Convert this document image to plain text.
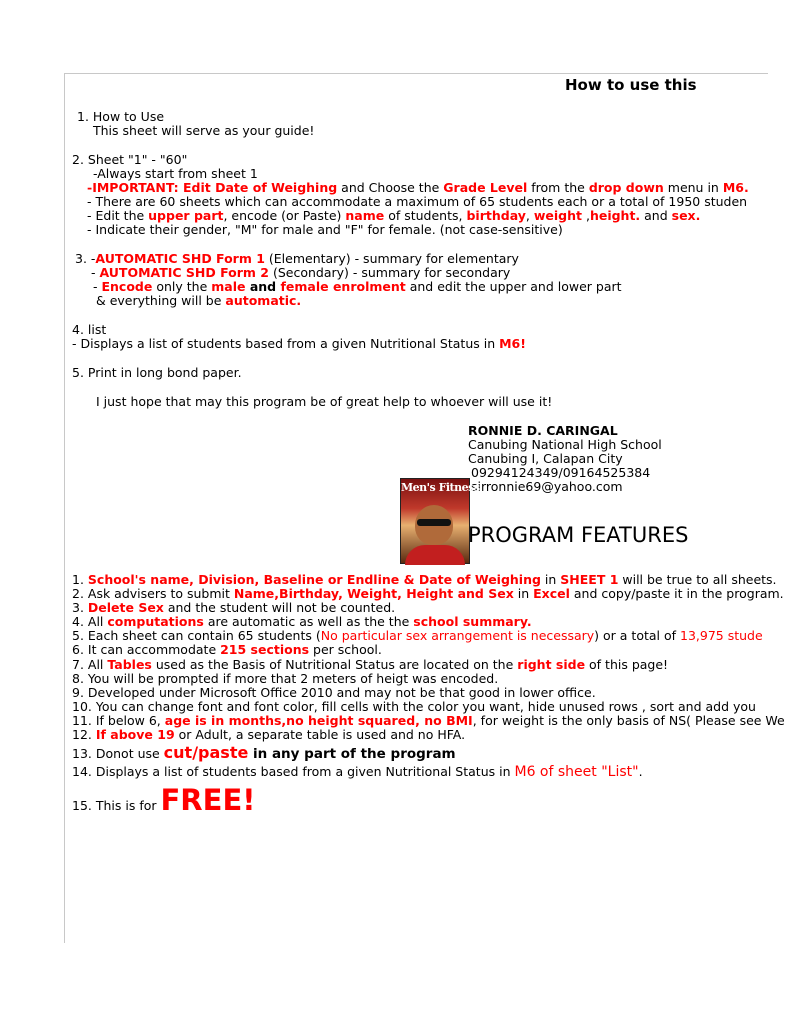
How to use this
1. How to Use
This sheet will serve as your guide!
2. Sheet "1" - "60"
-Always start from sheet 1
-IMPORTANT: Edit Date of Weighing and Choose the Grade Level from the drop down menu in M6.
- There are 60 sheets which can accommodate a maximum of 65 students each or a total of 1950 studen
- Edit the upper part, encode (or Paste) name of students, birthday, weight ,height. and sex.
- Indicate their gender, "M" for male and "F" for female. (not case-sensitive)
3. -AUTOMATIC SHD Form 1 (Elementary) - summary for elementary
- AUTOMATIC SHD Form 2 (Secondary) - summary for secondary
- Encode only the male and female enrolment and edit the upper and lower part
& everything will be automatic.
4. list
- Displays a list of students based from a given Nutritional Status in M6!
5. Print in long bond paper.
I just hope that may this program be of great help to whoever will use it!
RONNIE D. CARINGAL
Canubing National High School
Canubing I, Calapan City
09294124349/09164525384
sirronnie69@yahoo.com
Men's Fitness
PROGRAM FEATURES
1. School's name, Division, Baseline or Endline & Date of Weighing in SHEET 1 will be true to all sheets.
2. Ask advisers to submit Name,Birthday, Weight, Height and Sex in Excel and copy/paste it in the program.
3. Delete Sex and the student will not be counted.
4. All computations are automatic as well as the the school summary.
5. Each sheet can contain 65 students (No particular sex arrangement is necessary) or a total of 13,975 stude
6. It can accommodate 215 sections per school.
7. All Tables used as the Basis of Nutritional Status are located on the right side of this page!
8. You will be prompted if more that 2 meters of heigt was encoded.
9. Developed under Microsoft Office 2010 and may not be that good in lower office.
10. You can change font and font color, fill cells with the color you want, hide unused rows , sort and add you
11. If below 6, age is in months,no height squared, no BMI, for weight is the only basis of NS( Please see We
12. If above 19 or Adult, a separate table is used and no HFA.
13. Donot use cut/paste in any part of the program
14. Displays a list of students based from a given Nutritional Status in M6 of sheet "List".
15. This is for FREE!
